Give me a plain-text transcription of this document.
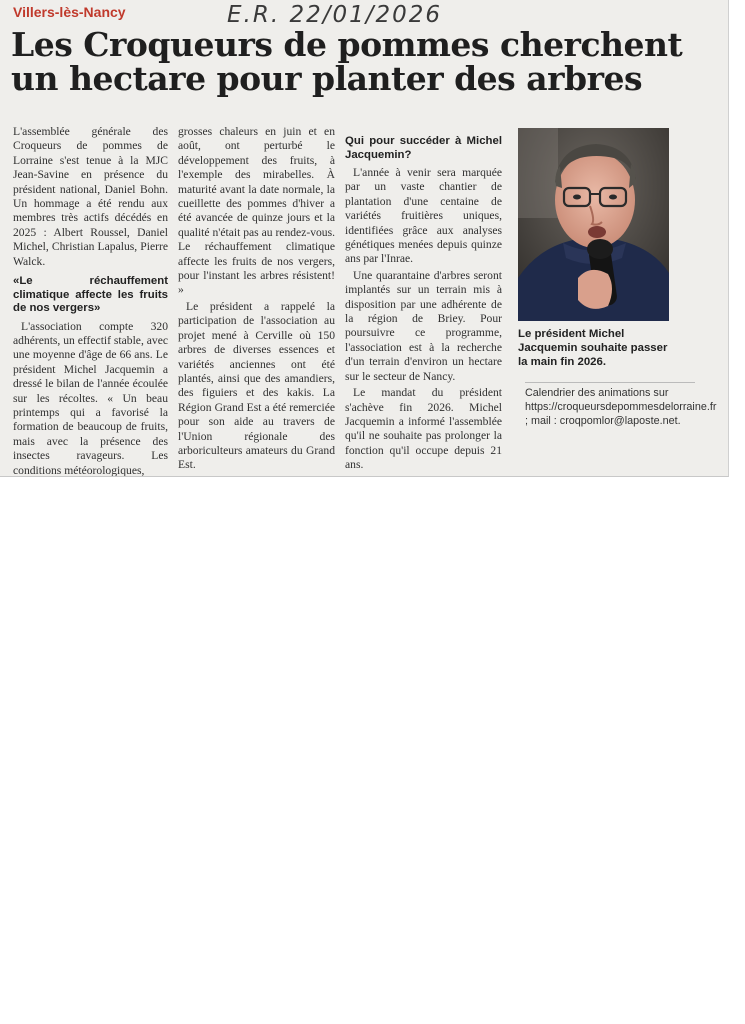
Villers-lès-Nancy	E.R. 22/01/2026
Les Croqueurs de pommes cherchent un hectare pour planter des arbres

L'assemblée générale des Croqueurs de pommes de Lorraine s'est tenue à la MJC Jean-Savine en présence du président national, Daniel Bohn. Un hommage a été rendu aux membres très actifs décédés en 2025 : Albert Roussel, Daniel Michel, Christian Lapalus, Pierre Walck.

«Le réchauffement climatique affecte les fruits de nos vergers»

L'association compte 320 adhérents, un effectif stable, avec une moyenne d'âge de 66 ans. Le président Michel Jacquemin a dressé le bilan de l'année écoulée sur les récoltes. « Un beau printemps qui a favorisé la formation de beaucoup de fruits, mais avec la présence des insectes ravageurs. Les conditions météorologiques,

grosses chaleurs en juin et en août, ont perturbé le développement des fruits, à l'exemple des mirabelles. À maturité avant la date normale, la cueillette des pommes d'hiver a été avancée de quinze jours et la qualité n'était pas au rendez-vous. Le réchauffement climatique affecte les fruits de nos vergers, pour l'instant les arbres résistent! »

Le président a rappelé la participation de l'association au projet mené à Cerville où 150 arbres de diverses essences et variétés anciennes ont été plantés, ainsi que des amandiers, des figuiers et des kakis. La Région Grand Est a été remerciée pour son aide au travers de l'Union régionale des arboriculteurs amateurs du Grand Est.

Qui pour succéder à Michel Jacquemin?

L'année à venir sera marquée par un vaste chantier de plantation d'une centaine de variétés fruitières uniques, identifiées grâce aux analyses génétiques menées depuis quinze ans par l'Inrae.

Une quarantaine d'arbres seront implantés sur un terrain mis à disposition par une adhérente de la région de Briey. Pour poursuivre ce programme, l'association est à la recherche d'un terrain d'environ un hectare sur le secteur de Nancy.

Le mandat du président s'achève fin 2026. Michel Jacquemin a informé l'assemblée qu'il ne souhaite pas prolonger la fonction qu'il occupe depuis 21 ans.

Le président Michel Jacquemin souhaite passer la main fin 2026.
Calendrier des animations sur https://croqueursdepommesdelorraine.fr ; mail : croqpomlor@laposte.net.
